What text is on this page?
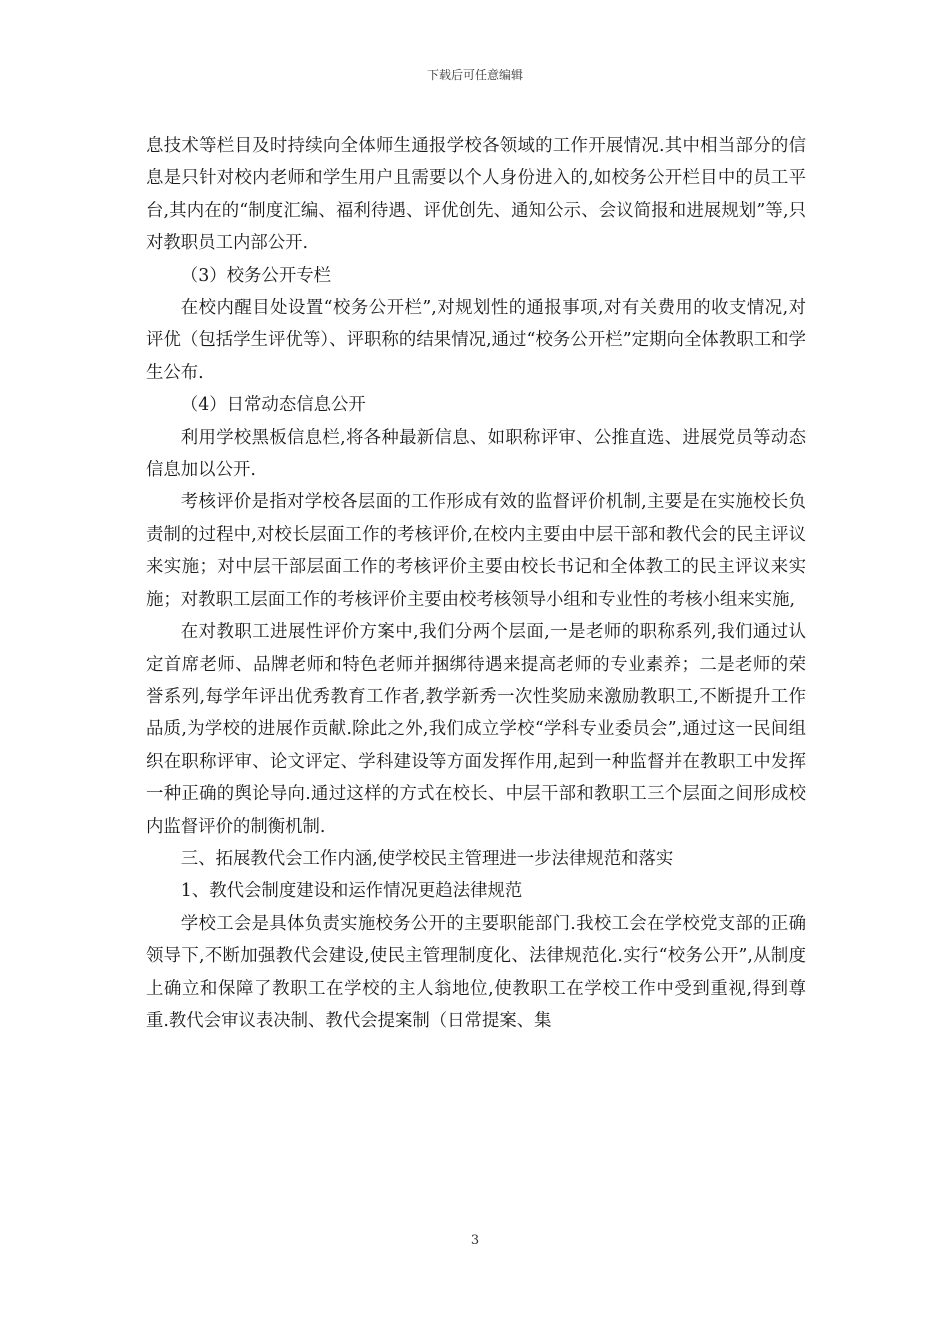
下载后可任意编辑

息技术等栏目及时持续向全体师生通报学校各领域的工作开展情况.其中相当部分的信息是只针对校内老师和学生用户且需要以个人身份进入的,如校务公开栏目中的员工平台,其内在的“制度汇编、福利待遇、评优创先、通知公示、会议简报和进展规划”等,只对教职员工内部公开.

（3）校务公开专栏

在校内醒目处设置“校务公开栏”,对规划性的通报事项,对有关费用的收支情况,对评优（包括学生评优等）、评职称的结果情况,通过“校务公开栏”定期向全体教职工和学生公布.

（4）日常动态信息公开

利用学校黑板信息栏,将各种最新信息、如职称评审、公推直选、进展党员等动态信息加以公开.

考核评价是指对学校各层面的工作形成有效的监督评价机制,主要是在实施校长负责制的过程中,对校长层面工作的考核评价,在校内主要由中层干部和教代会的民主评议来实施；对中层干部层面工作的考核评价主要由校长书记和全体教工的民主评议来实施；对教职工层面工作的考核评价主要由校考核领导小组和专业性的考核小组来实施,

在对教职工进展性评价方案中,我们分两个层面,一是老师的职称系列,我们通过认定首席老师、品牌老师和特色老师并捆绑待遇来提高老师的专业素养；二是老师的荣誉系列,每学年评出优秀教育工作者,教学新秀一次性奖励来激励教职工,不断提升工作品质,为学校的进展作贡献.除此之外,我们成立学校“学科专业委员会”,通过这一民间组织在职称评审、论文评定、学科建设等方面发挥作用,起到一种监督并在教职工中发挥一种正确的舆论导向.通过这样的方式在校长、中层干部和教职工三个层面之间形成校内监督评价的制衡机制.

三、拓展教代会工作内涵,使学校民主管理进一步法律规范和落实

1、教代会制度建设和运作情况更趋法律规范

学校工会是具体负责实施校务公开的主要职能部门.我校工会在学校党支部的正确领导下,不断加强教代会建设,使民主管理制度化、法律规范化.实行“校务公开”,从制度上确立和保障了教职工在学校的主人翁地位,使教职工在学校工作中受到重视,得到尊重.教代会审议表决制、教代会提案制（日常提案、集

3
